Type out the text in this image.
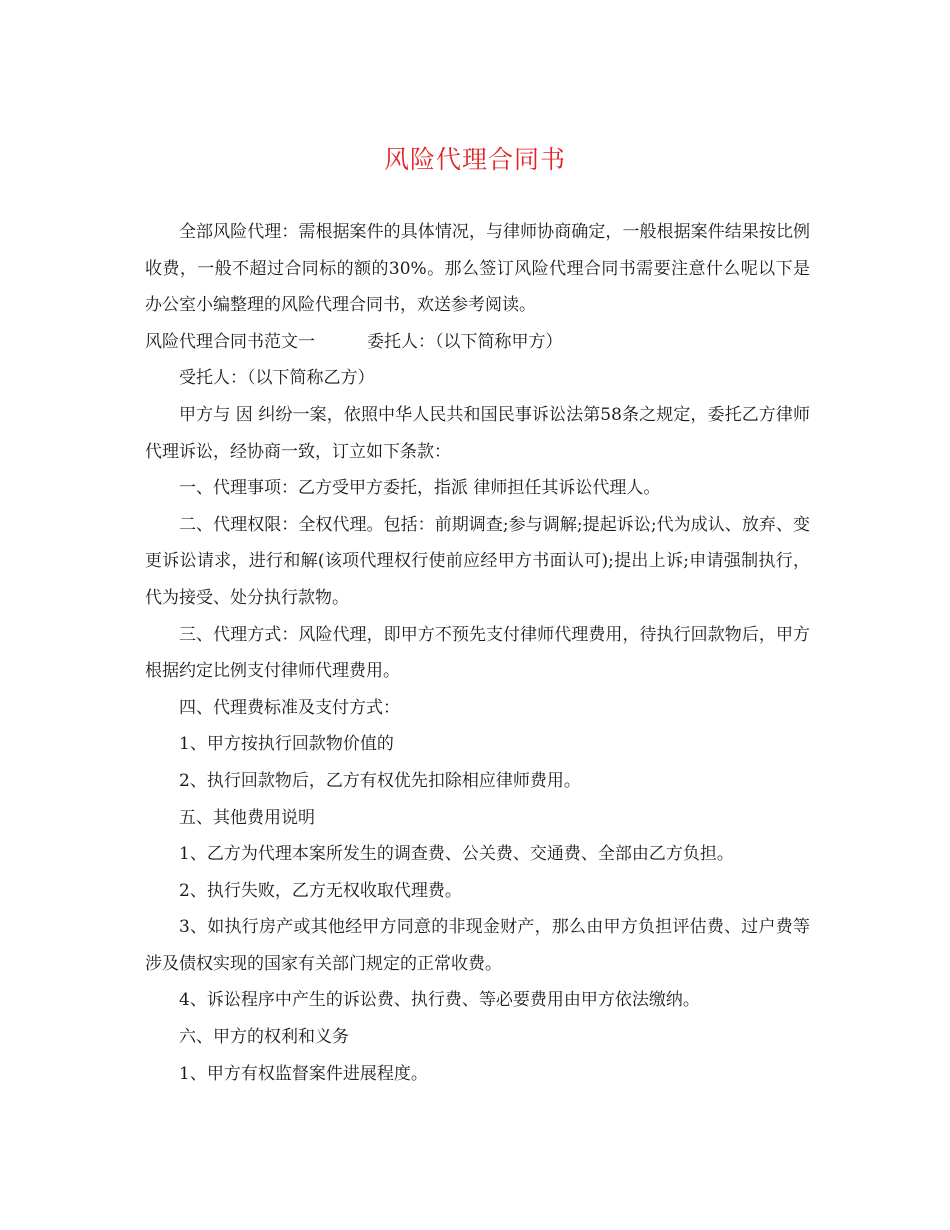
风险代理合同书

全部风险代理：需根据案件的具体情况，与律师协商确定，一般根据案件结果按比例收费，一般不超过合同标的额的30%。那么签订风险代理合同书需要注意什么呢以下是办公室小编整理的风险代理合同书，欢送参考阅读。

风险代理合同书范文一	委托人：（以下简称甲方）

受托人：（以下简称乙方）

甲方与 因 纠纷一案，依照中华人民共和国民事诉讼法第58条之规定，委托乙方律师代理诉讼，经协商一致，订立如下条款：

一、代理事项：乙方受甲方委托，指派 律师担任其诉讼代理人。

二、代理权限：全权代理。包括：前期调查;参与调解;提起诉讼;代为成认、放弃、变更诉讼请求，进行和解(该项代理权行使前应经甲方书面认可);提出上诉;申请强制执行，代为接受、处分执行款物。

三、代理方式：风险代理，即甲方不预先支付律师代理费用，待执行回款物后，甲方根据约定比例支付律师代理费用。

四、代理费标准及支付方式：

1、甲方按执行回款物价值的

2、执行回款物后，乙方有权优先扣除相应律师费用。

五、其他费用说明

1、乙方为代理本案所发生的调查费、公关费、交通费、全部由乙方负担。

2、执行失败，乙方无权收取代理费。

3、如执行房产或其他经甲方同意的非现金财产，那么由甲方负担评估费、过户费等涉及债权实现的国家有关部门规定的正常收费。

4、诉讼程序中产生的诉讼费、执行费、等必要费用由甲方依法缴纳。

六、甲方的权利和义务

1、甲方有权监督案件进展程度。
